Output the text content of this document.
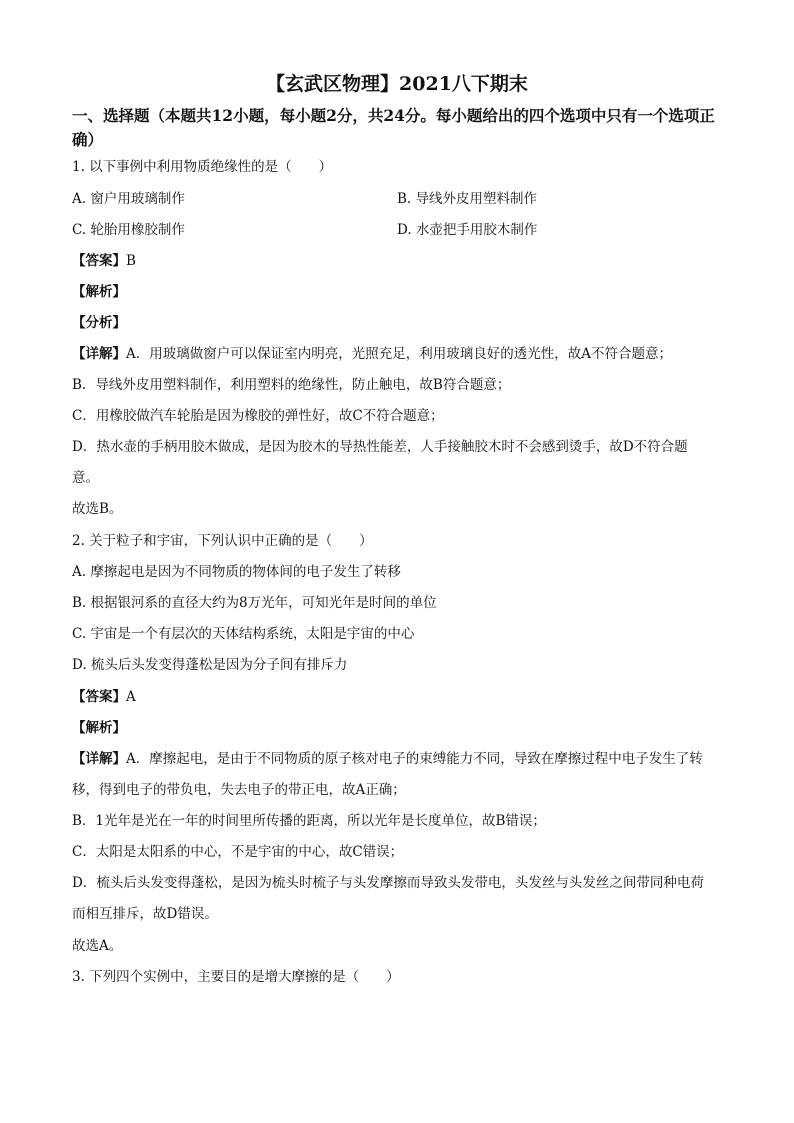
【玄武区物理】2021八下期末
一、选择题（本题共12小题，每小题2分，共24分。每小题给出的四个选项中只有一个选项正确）
1. 以下事例中利用物质绝缘性的是（　　）
A. 窗户用玻璃制作	B. 导线外皮用塑料制作
C. 轮胎用橡胶制作	D. 水壶把手用胶木制作
【答案】B
【解析】
【分析】
【详解】A．用玻璃做窗户可以保证室内明亮，光照充足，利用玻璃良好的透光性，故A不符合题意；
B．导线外皮用塑料制作，利用塑料的绝缘性，防止触电，故B符合题意；
C．用橡胶做汽车轮胎是因为橡胶的弹性好，故C不符合题意；
D．热水壶的手柄用胶木做成，是因为胶木的导热性能差，人手接触胶木时不会感到烫手，故D不符合题
意。
故选B。
2. 关于粒子和宇宙，下列认识中正确的是（　　）
A. 摩擦起电是因为不同物质的物体间的电子发生了转移
B. 根据银河系的直径大约为8万光年，可知光年是时间的单位
C. 宇宙是一个有层次的天体结构系统，太阳是宇宙的中心
D. 梳头后头发变得蓬松是因为分子间有排斥力
【答案】A
【解析】
【详解】A．摩擦起电，是由于不同物质的原子核对电子的束缚能力不同，导致在摩擦过程中电子发生了转
移，得到电子的带负电，失去电子的带正电，故A正确；
B．1光年是光在一年的时间里所传播的距离，所以光年是长度单位，故B错误；
C．太阳是太阳系的中心，不是宇宙的中心，故C错误；
D．梳头后头发变得蓬松，是因为梳头时梳子与头发摩擦而导致头发带电，头发丝与头发丝之间带同种电荷
而相互排斥，故D错误。
故选A。
3. 下列四个实例中，主要目的是增大摩擦的是（　　）
